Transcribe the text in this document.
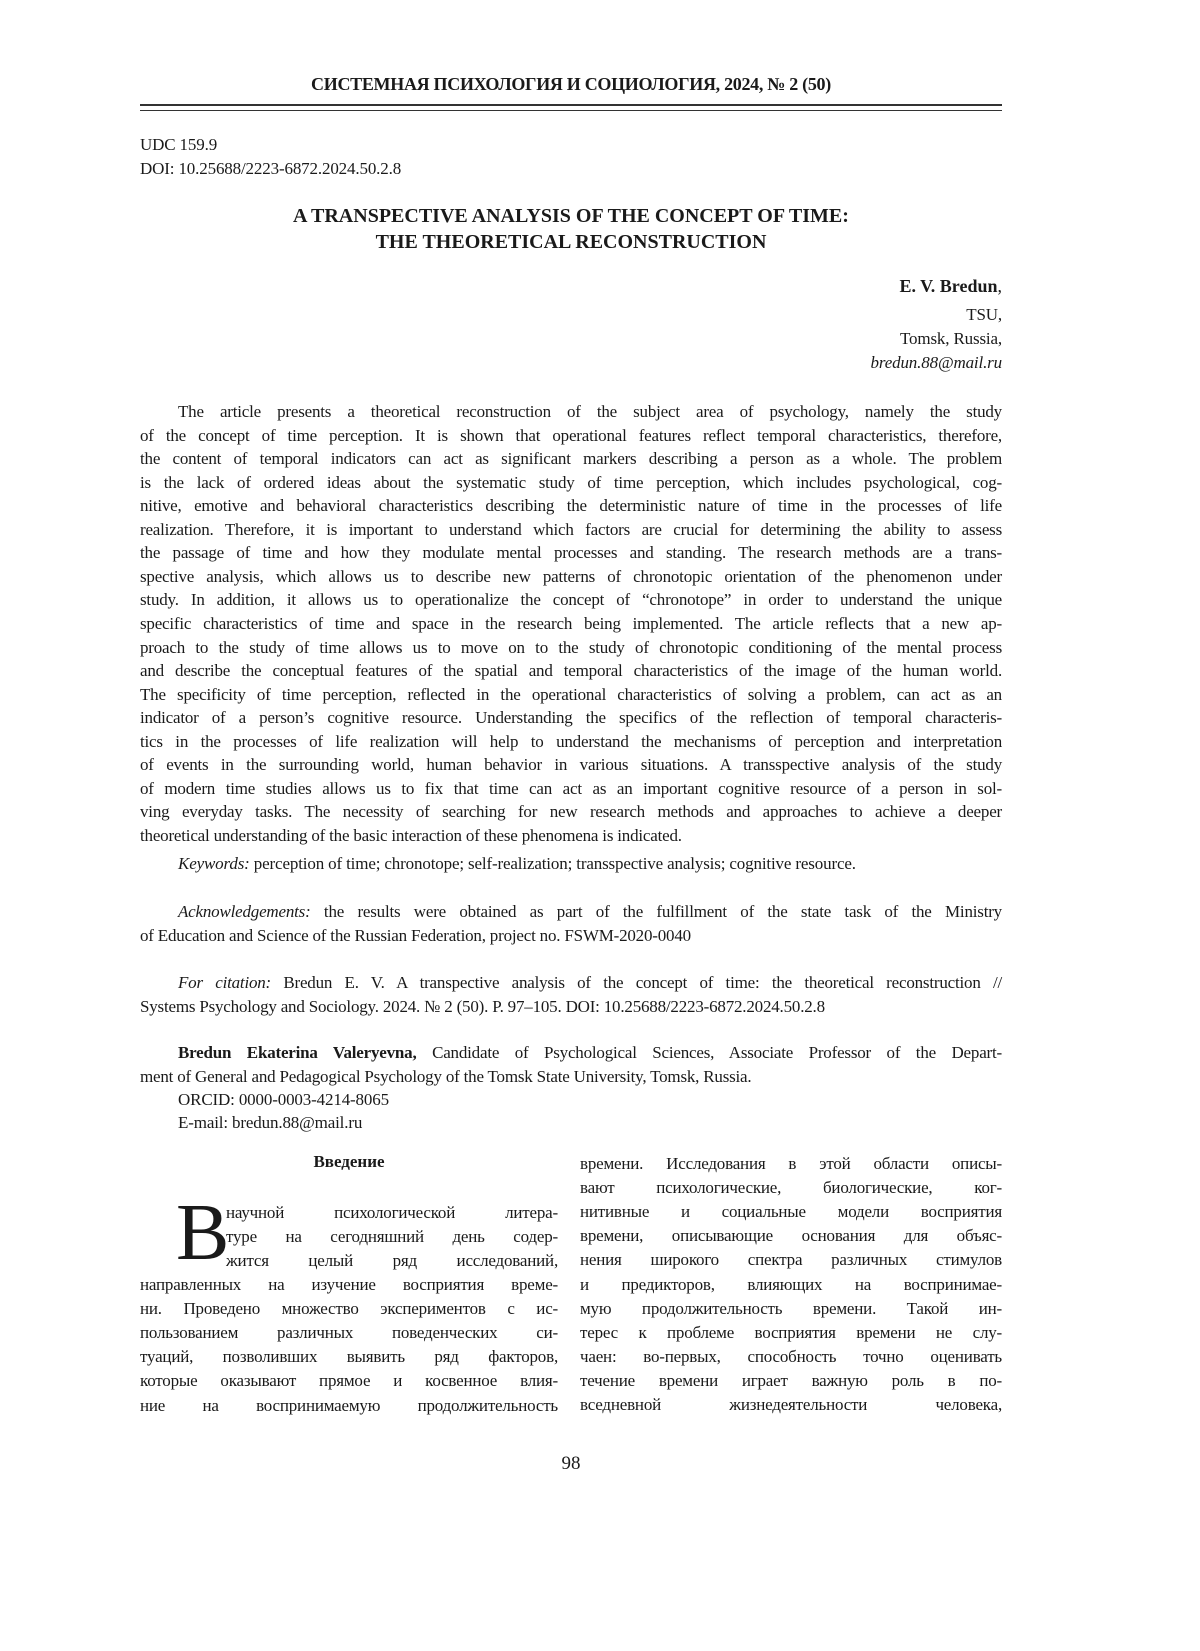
СИСТЕМНАЯ ПСИХОЛОГИЯ И СОЦИОЛОГИЯ, 2024, № 2 (50)
UDC 159.9
DOI: 10.25688/2223-6872.2024.50.2.8
A TRANSPECTIVE ANALYSIS OF THE CONCEPT OF TIME:
THE THEORETICAL RECONSTRUCTION
E. V. Bredun,
TSU,
Tomsk, Russia,
bredun.88@mail.ru
The article presents a theoretical reconstruction of the subject area of psychology, namely the study
of the concept of time perception. It is shown that operational features reflect temporal characteristics, therefore,
the content of temporal indicators can act as significant markers describing a person as a whole. The problem
is the lack of ordered ideas about the systematic study of time perception, which includes psychological, cog-
nitive, emotive and behavioral characteristics describing the deterministic nature of time in the processes of life
realization. Therefore, it is important to understand which factors are crucial for determining the ability to assess
the passage of time and how they modulate mental processes and standing. The research methods are a trans-
spective analysis, which allows us to describe new patterns of chronotopic orientation of the phenomenon under
study. In addition, it allows us to operationalize the concept of “chronotope” in order to understand the unique
specific characteristics of time and space in the research being implemented. The article reflects that a new ap-
proach to the study of time allows us to move on to the study of chronotopic conditioning of the mental process
and describe the conceptual features of the spatial and temporal characteristics of the image of the human world.
The specificity of time perception, reflected in the operational characteristics of solving a problem, can act as an
indicator of a person’s cognitive resource. Understanding the specifics of the reflection of temporal characteris-
tics in the processes of life realization will help to understand the mechanisms of perception and interpretation
of events in the surrounding world, human behavior in various situations. A transspective analysis of the study
of modern time studies allows us to fix that time can act as an important cognitive resource of a person in sol-
ving everyday tasks. The necessity of searching for new research methods and approaches to achieve a deeper
theoretical understanding of the basic interaction of these phenomena is indicated.
Keywords: perception of time; chronotope; self-realization; transspective analysis; cognitive resource.
Acknowledgements: the results were obtained as part of the fulfillment of the state task of the Ministry
of Education and Science of the Russian Federation, project no. FSWM-2020-0040
For citation: Bredun E. V. A transpective analysis of the concept of time: the theoretical reconstruction //
Systems Psychology and Sociology. 2024. № 2 (50). P. 97–105. DOI: 10.25688/2223-6872.2024.50.2.8
Bredun Ekaterina Valeryevna, Candidate of Psychological Sciences, Associate Professor of the Depart-
ment of General and Pedagogical Psychology of the Tomsk State University, Tomsk, Russia.
ORCID: 0000-0003-4214-8065
E-mail: bredun.88@mail.ru
Введение
В
научной психологической литера-
туре на сегодняшний день содер-
жится целый ряд исследований,
направленных на изучение восприятия време-
ни. Проведено множество экспериментов с ис-
пользованием различных поведенческих си-
туаций, позволивших выявить ряд факторов,
которые оказывают прямое и косвенное влия-
ние на воспринимаемую продолжительность
времени. Исследования в этой области описы-
вают психологические, биологические, ког-
нитивные и социальные модели восприятия
времени, описывающие основания для объяс-
нения широкого спектра различных стимулов
и предикторов, влияющих на воспринимае-
мую продолжительность времени. Такой ин-
терес к проблеме восприятия времени не слу-
чаен: во-первых, способность точно оценивать
течение времени играет важную роль в по-
вседневной жизнедеятельности человека,
98
